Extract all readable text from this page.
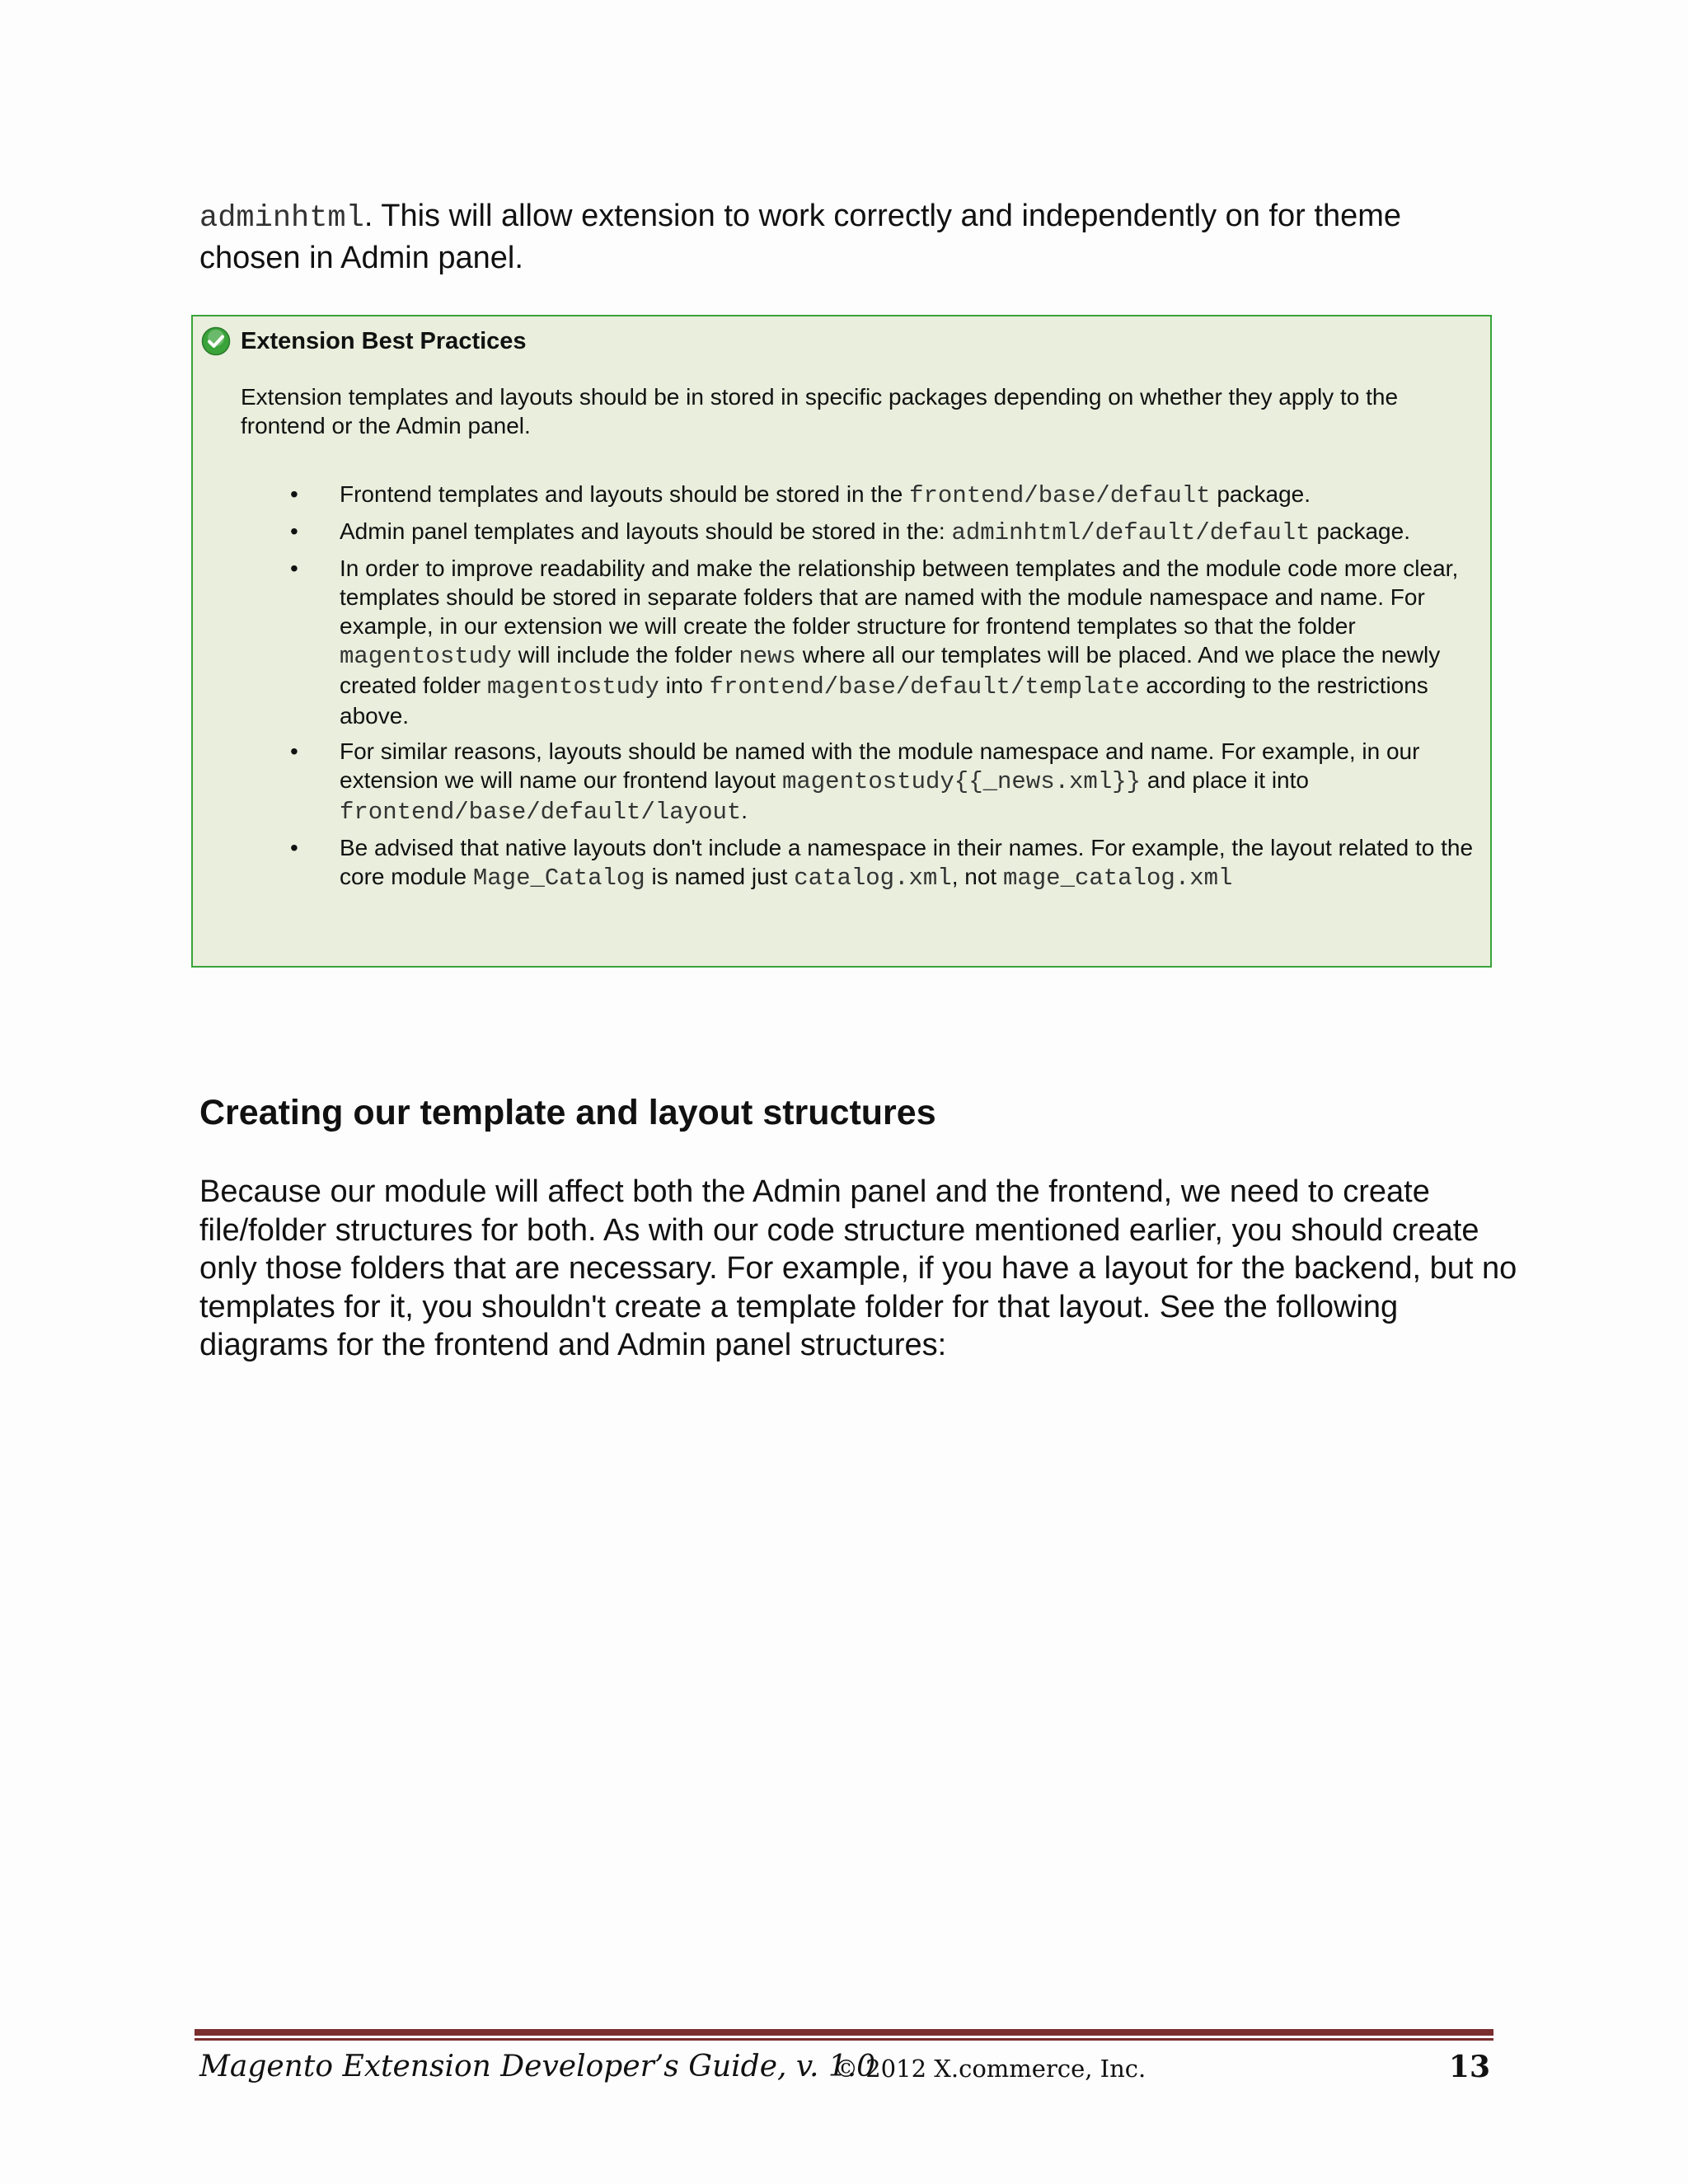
adminhtml. This will allow extension to work correctly and independently on for theme chosen in Admin panel.

Extension Best Practices

Extension templates and layouts should be in stored in specific packages depending on whether they apply to the frontend or the Admin panel.

• Frontend templates and layouts should be stored in the frontend/base/default package.
• Admin panel templates and layouts should be stored in the: adminhtml/default/default package.
• In order to improve readability and make the relationship between templates and the module code more clear, templates should be stored in separate folders that are named with the module namespace and name. For example, in our extension we will create the folder structure for frontend templates so that the folder magentostudy will include the folder news where all our templates will be placed. And we place the newly created folder magentostudy into frontend/base/default/template according to the restrictions above.
• For similar reasons, layouts should be named with the module namespace and name. For example, in our extension we will name our frontend layout magentostudy{{_news.xml}} and place it into frontend/base/default/layout.
• Be advised that native layouts don't include a namespace in their names. For example, the layout related to the core module Mage_Catalog is named just catalog.xml, not mage_catalog.xml
Creating our template and layout structures

Because our module will affect both the Admin panel and the frontend, we need to create file/folder structures for both. As with our code structure mentioned earlier, you should create only those folders that are necessary. For example, if you have a layout for the backend, but no templates for it, you shouldn't create a template folder for that layout. See the following diagrams for the frontend and Admin panel structures:

Magento Extension Developer’s Guide, v. 1.0

© 2012 X.commerce, Inc.	13
